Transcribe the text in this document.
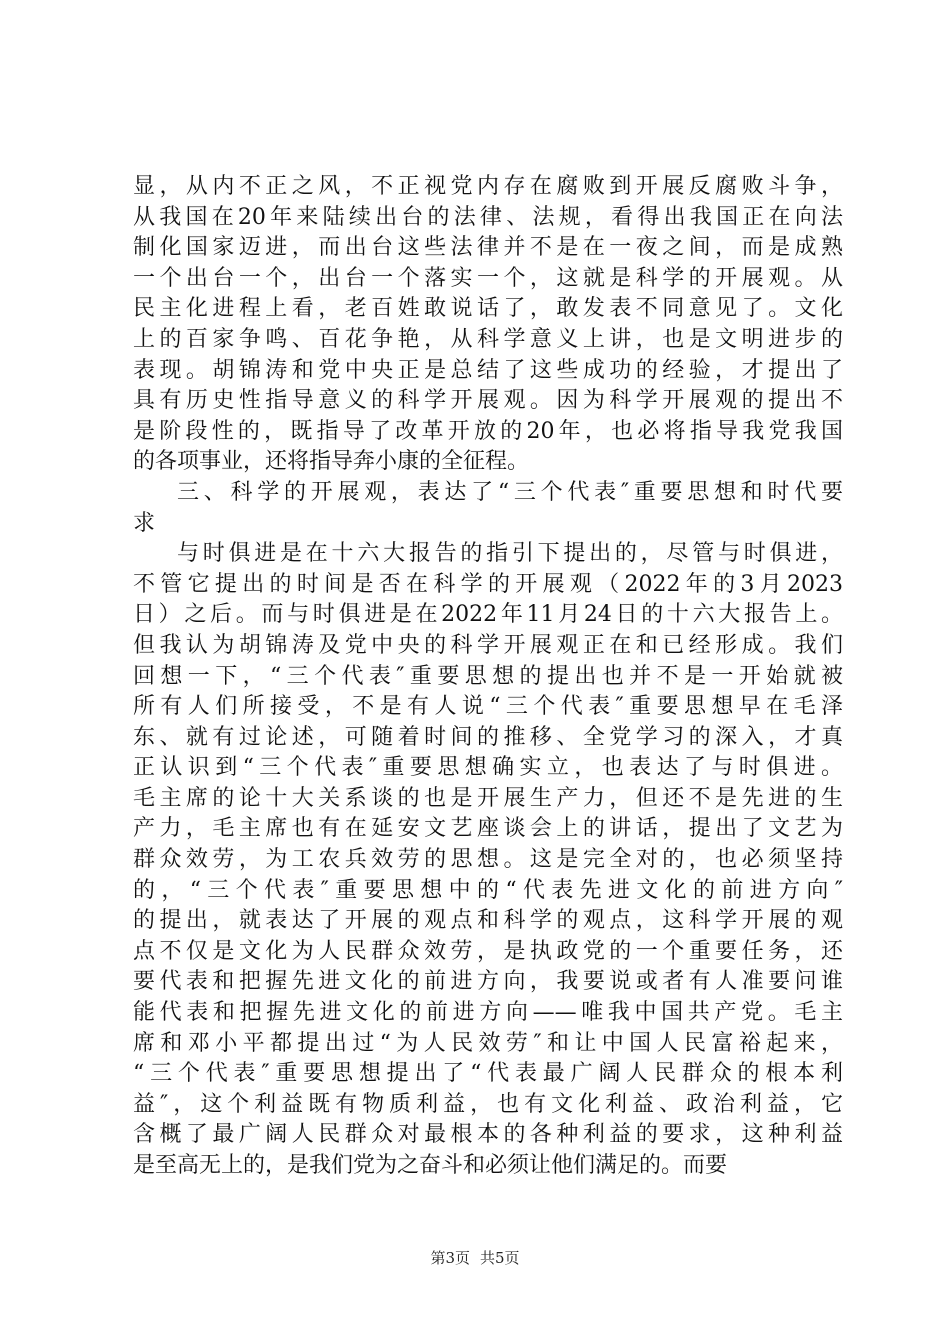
显，从内不正之风，不正视党内存在腐败到开展反腐败斗争，
从我国在20年来陆续出台的法律、法规，看得出我国正在向法
制化国家迈进，而出台这些法律并不是在一夜之间，而是成熟
一个出台一个，出台一个落实一个，这就是科学的开展观。从
民主化进程上看，老百姓敢说话了，敢发表不同意见了。文化
上的百家争鸣、百花争艳，从科学意义上讲，也是文明进步的
表现。胡锦涛和党中央正是总结了这些成功的经验，才提出了
具有历史性指导意义的科学开展观。因为科学开展观的提出不
是阶段性的，既指导了改革开放的20年，也必将指导我党我国
的各项事业，还将指导奔小康的全征程。
三、科学的开展观，表达了“三个代表″重要思想和时代要
求
与时俱进是在十六大报告的指引下提出的，尽管与时俱进，
不管它提出的时间是否在科学的开展观（2022年的3月2023
日）之后。而与时俱进是在2022年11月24日的十六大报告上。
但我认为胡锦涛及党中央的科学开展观正在和已经形成。我们
回想一下，“三个代表″重要思想的提出也并不是一开始就被
所有人们所接受，不是有人说“三个代表″重要思想早在毛泽
东、就有过论述，可随着时间的推移、全党学习的深入，才真
正认识到“三个代表″重要思想确实立，也表达了与时俱进。
毛主席的论十大关系谈的也是开展生产力，但还不是先进的生
产力，毛主席也有在延安文艺座谈会上的讲话，提出了文艺为
群众效劳，为工农兵效劳的思想。这是完全对的，也必须坚持
的，“三个代表″重要思想中的“代表先进文化的前进方向″
的提出，就表达了开展的观点和科学的观点，这科学开展的观
点不仅是文化为人民群众效劳，是执政党的一个重要任务，还
要代表和把握先进文化的前进方向，我要说或者有人准要问谁
能代表和把握先进文化的前进方向——唯我中国共产党。毛主
席和邓小平都提出过“为人民效劳″和让中国人民富裕起来，
“三个代表″重要思想提出了“代表最广阔人民群众的根本利
益″，这个利益既有物质利益，也有文化利益、政治利益，它
含概了最广阔人民群众对最根本的各种利益的要求，这种利益
是至高无上的，是我们党为之奋斗和必须让他们满足的。而要
第3页 共5页
